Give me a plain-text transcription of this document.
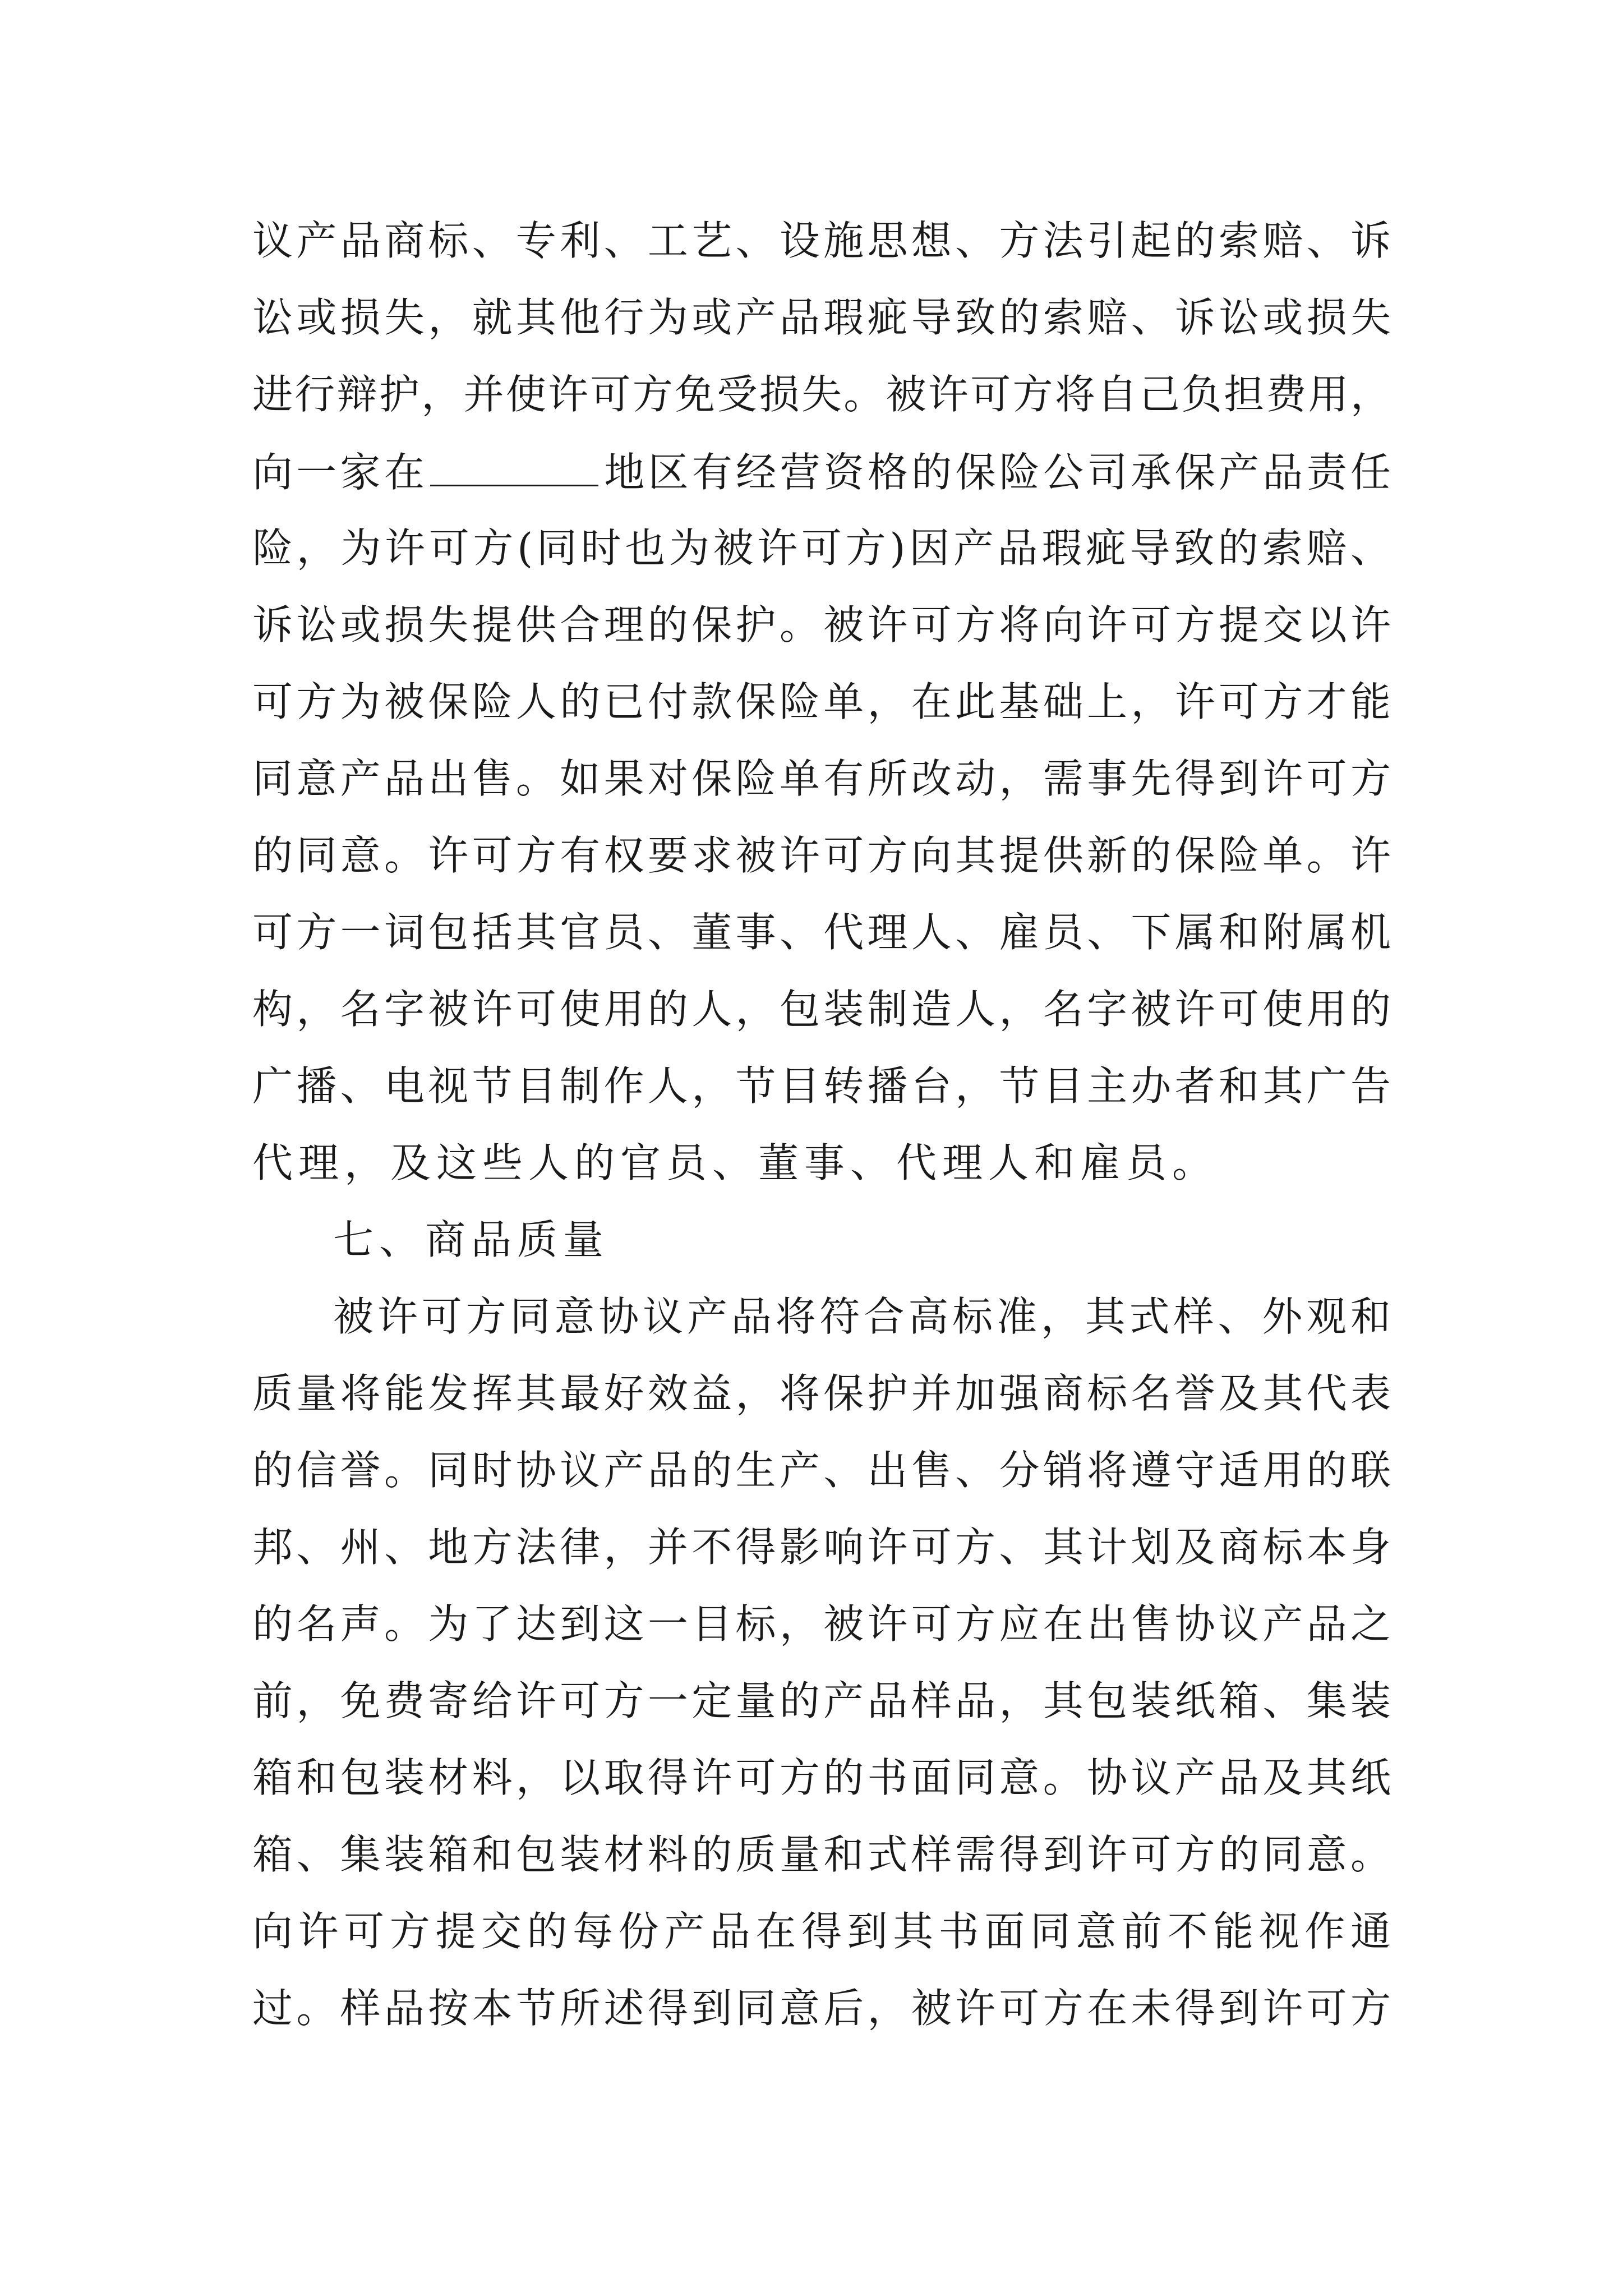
议产品商标、专利、工艺、设施思想、方法引起的索赔、诉
讼或损失，就其他行为或产品瑕疵导致的索赔、诉讼或损失
进行辩护，并使许可方免受损失。被许可方将自己负担费用，
向一家在	地区有经营资格的保险公司承保产品责任
险，为许可方(同时也为被许可方)因产品瑕疵导致的索赔、
诉讼或损失提供合理的保护。被许可方将向许可方提交以许
可方为被保险人的已付款保险单，在此基础上，许可方才能
同意产品出售。如果对保险单有所改动，需事先得到许可方
的同意。许可方有权要求被许可方向其提供新的保险单。许
可方一词包括其官员、董事、代理人、雇员、下属和附属机
构，名字被许可使用的人，包装制造人，名字被许可使用的
广播、电视节目制作人，节目转播台，节目主办者和其广告
代理，及这些人的官员、董事、代理人和雇员。
七、商品质量
被许可方同意协议产品将符合高标准，其式样、外观和
质量将能发挥其最好效益，将保护并加强商标名誉及其代表
的信誉。同时协议产品的生产、出售、分销将遵守适用的联
邦、州、地方法律，并不得影响许可方、其计划及商标本身
的名声。为了达到这一目标，被许可方应在出售协议产品之
前，免费寄给许可方一定量的产品样品，其包装纸箱、集装
箱和包装材料，以取得许可方的书面同意。协议产品及其纸
箱、集装箱和包装材料的质量和式样需得到许可方的同意。
向许可方提交的每份产品在得到其书面同意前不能视作通
过。样品按本节所述得到同意后，被许可方在未得到许可方
